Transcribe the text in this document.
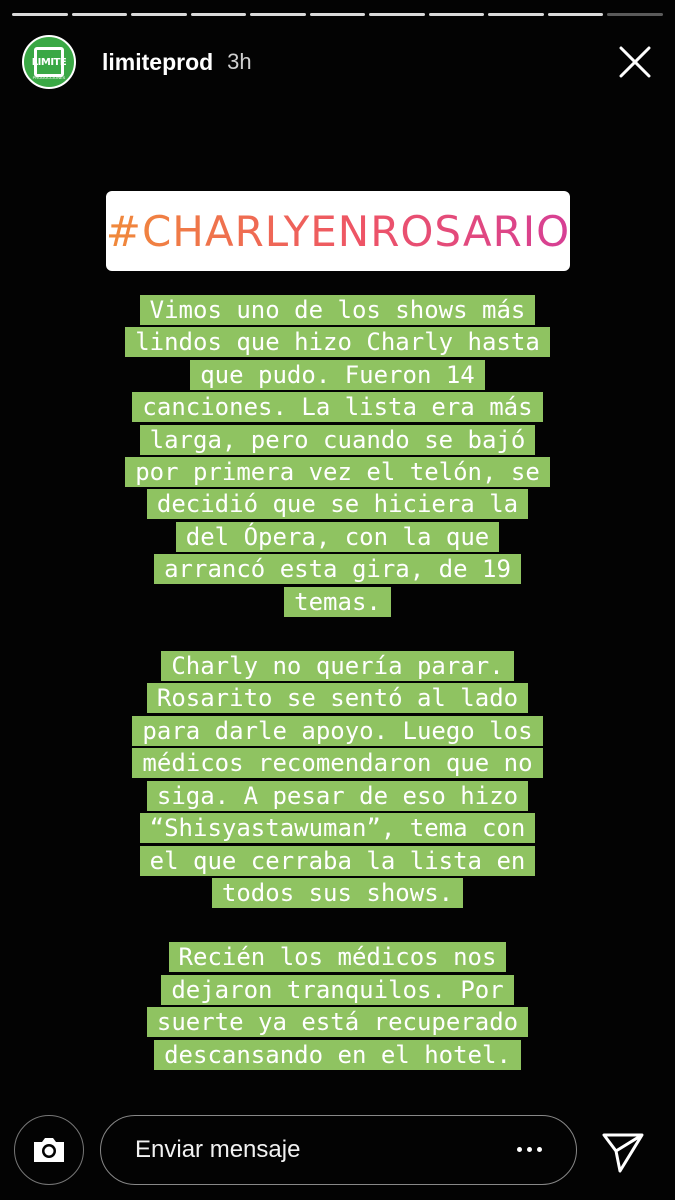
LIMITE
PRODUCCIONES
limiteprod 3h
#CHARLYENROSARIO
Vimos uno de los shows más
lindos que hizo Charly hasta
que pudo. Fueron 14
canciones. La lista era más
larga, pero cuando se bajó
por primera vez el telón, se
decidió que se hiciera la
del Ópera, con la que
arrancó esta gira, de 19
temas.
Charly no quería parar.
Rosarito se sentó al lado
para darle apoyo. Luego los
médicos recomendaron que no
siga. A pesar de eso hizo
“Shisyastawuman”, tema con
el que cerraba la lista en
todos sus shows.
Recién los médicos nos
dejaron tranquilos. Por
suerte ya está recuperado
descansando en el hotel.
Enviar mensaje
